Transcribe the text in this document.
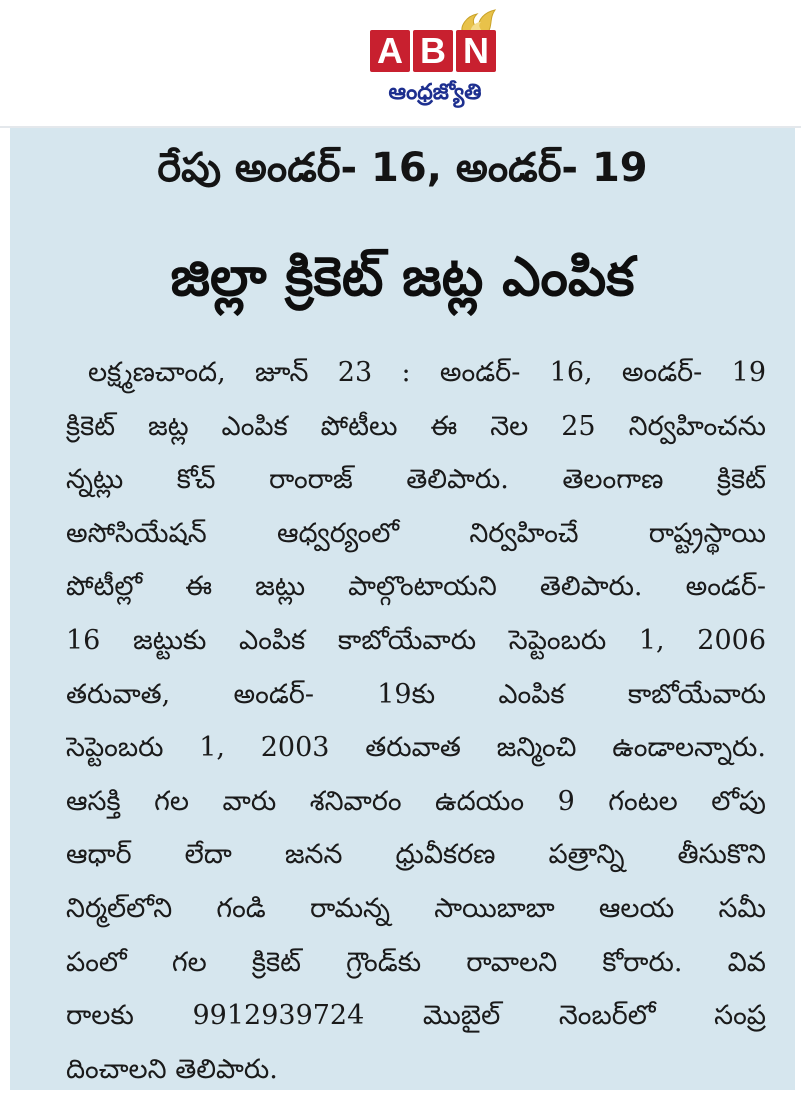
A B N
ఆంధ్రజ్యోతి
రేపు అండర్- 16, అండర్- 19
జిల్లా క్రికెట్ జట్ల ఎంపిక
లక్ష్మణచాంద, జూన్ 23 : అండర్- 16, అండర్- 19
క్రికెట్ జట్ల ఎంపిక పోటీలు ఈ నెల 25 నిర్వహించను
న్నట్లు కోచ్ రాంరాజ్ తెలిపారు. తెలంగాణ క్రికెట్
అసోసియేషన్ ఆధ్వర్యంలో నిర్వహించే రాష్ట్రస్థాయి
పోటీల్లో ఈ జట్లు పాల్గొంటాయని తెలిపారు. అండర్-
16 జట్టుకు ఎంపిక కాబోయేవారు సెప్టెంబరు 1, 2006
తరువాత, అండర్- 19కు ఎంపిక కాబోయేవారు
సెప్టెంబరు 1, 2003 తరువాత జన్మించి ఉండాలన్నారు.
ఆసక్తి గల వారు శనివారం ఉదయం 9 గంటల లోపు
ఆధార్ లేదా జనన ధ్రువీకరణ పత్రాన్ని తీసుకొని
నిర్మల్‌లోని గండి రామన్న సాయిబాబా ఆలయ సమీ
పంలో గల క్రికెట్ గ్రౌండ్‌కు రావాలని కోరారు. వివ
రాలకు 9912939724 మొబైల్ నెంబర్‌లో సంప్ర
దించాలని తెలిపారు.
